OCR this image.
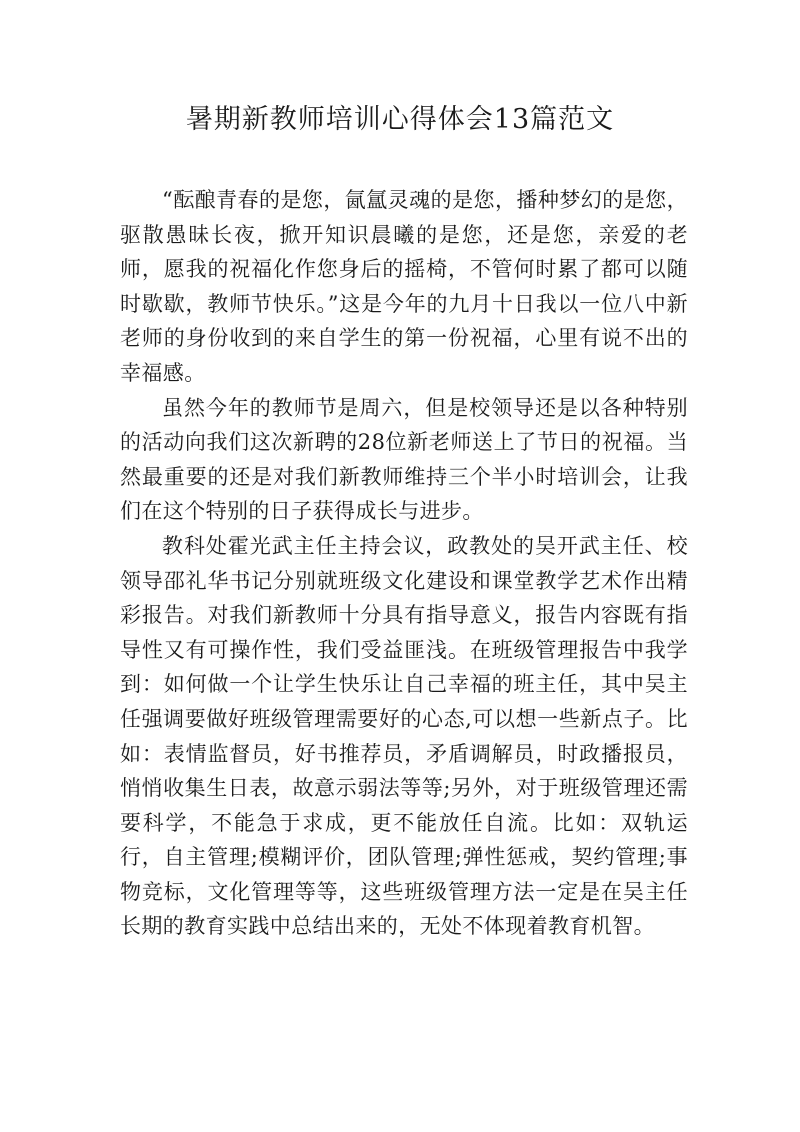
暑期新教师培训心得体会13篇范文

“酝酿青春的是您，氤氲灵魂的是您，播种梦幻的是您，驱散愚昧长夜，掀开知识晨曦的是您，还是您，亲爱的老师，愿我的祝福化作您身后的摇椅，不管何时累了都可以随时歇歇，教师节快乐。”这是今年的九月十日我以一位八中新老师的身份收到的来自学生的第一份祝福，心里有说不出的幸福感。

虽然今年的教师节是周六，但是校领导还是以各种特别的活动向我们这次新聘的28位新老师送上了节日的祝福。当然最重要的还是对我们新教师维持三个半小时培训会，让我们在这个特别的日子获得成长与进步。

教科处霍光武主任主持会议，政教处的吴开武主任、校领导邵礼华书记分别就班级文化建设和课堂教学艺术作出精彩报告。对我们新教师十分具有指导意义，报告内容既有指导性又有可操作性，我们受益匪浅。在班级管理报告中我学到：如何做一个让学生快乐让自己幸福的班主任，其中吴主任强调要做好班级管理需要好的心态,可以想一些新点子。比如：表情监督员，好书推荐员，矛盾调解员，时政播报员，悄悄收集生日表，故意示弱法等等;另外，对于班级管理还需要科学，不能急于求成，更不能放任自流。比如：双轨运行，自主管理;模糊评价，团队管理;弹性惩戒，契约管理;事物竞标，文化管理等等，这些班级管理方法一定是在吴主任长期的教育实践中总结出来的，无处不体现着教育机智。
